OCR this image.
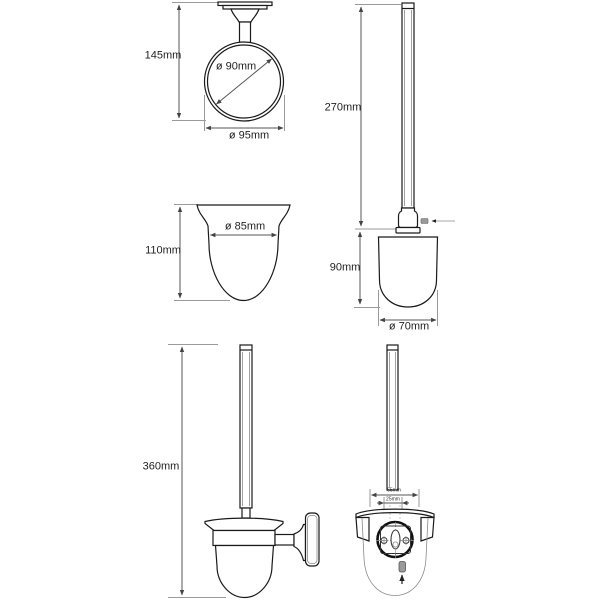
145mm
ø 90mm
ø 95mm
110mm
ø 85mm
270mm
90mm
ø 70mm
360mm
65mm
25mm
